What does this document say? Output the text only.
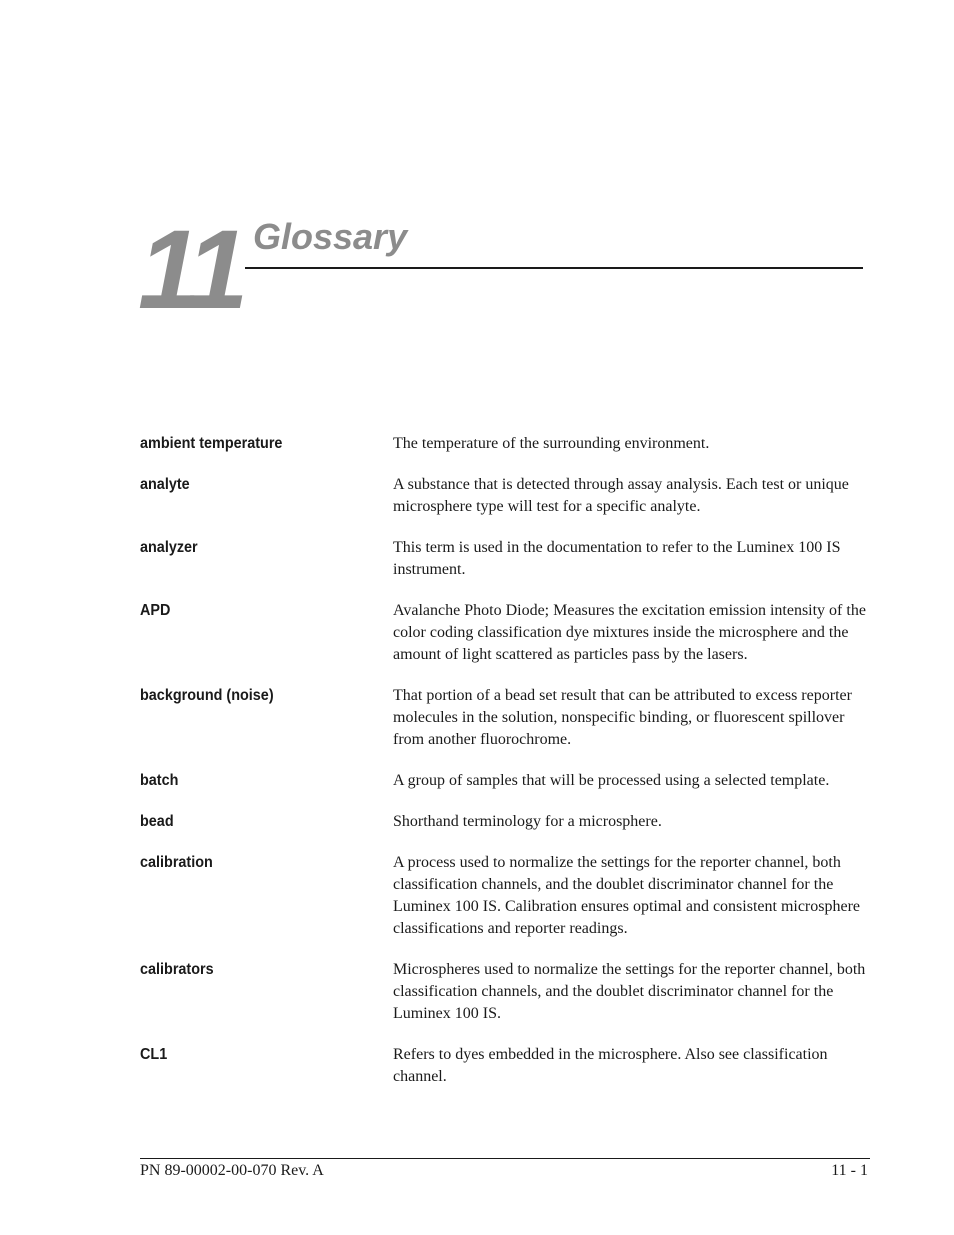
11 Glossary
ambient temperature	The temperature of the surrounding environment.
analyte	A substance that is detected through assay analysis. Each test or unique microsphere type will test for a specific analyte.
analyzer	This term is used in the documentation to refer to the Luminex 100 IS instrument.
APD	Avalanche Photo Diode; Measures the excitation emission intensity of the color coding classification dye mixtures inside the microsphere and the amount of light scattered as particles pass by the lasers.
background (noise)	That portion of a bead set result that can be attributed to excess reporter molecules in the solution, nonspecific binding, or fluorescent spillover from another fluorochrome.
batch	A group of samples that will be processed using a selected template.
bead	Shorthand terminology for a microsphere.
calibration	A process used to normalize the settings for the reporter channel, both classification channels, and the doublet discriminator channel for the Luminex 100 IS. Calibration ensures optimal and consistent microsphere classifications and reporter readings.
calibrators	Microspheres used to normalize the settings for the reporter channel, both classification channels, and the doublet discriminator channel for the Luminex 100 IS.
CL1	Refers to dyes embedded in the microsphere. Also see classification channel.
PN 89-00002-00-070 Rev. A	11 - 1
